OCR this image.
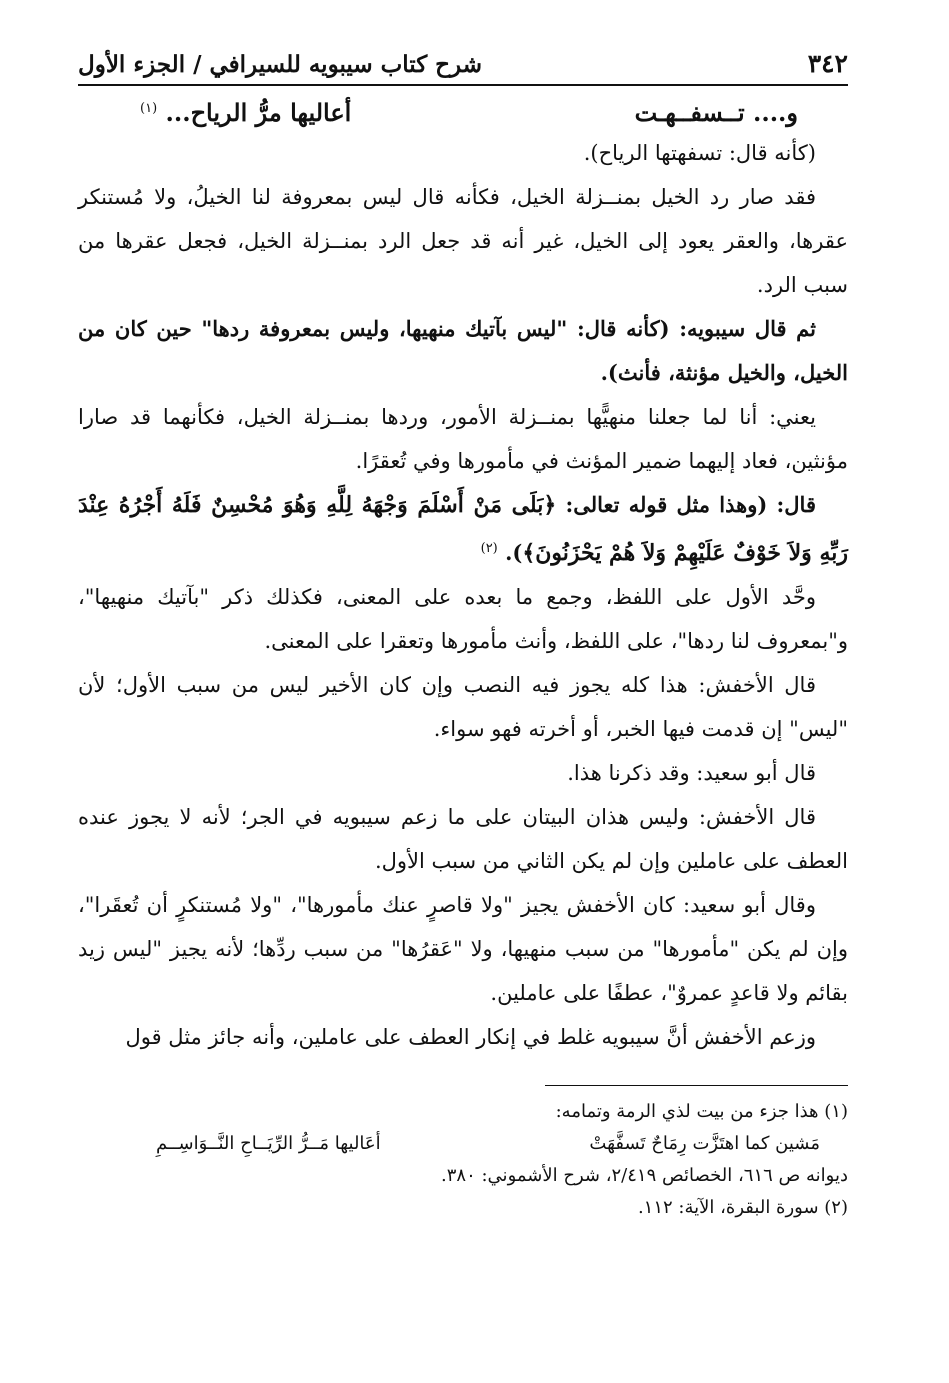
٣٤٢
شرح كتاب سيبويه للسيرافي / الجزء الأول
و.... تــسفــهـت
أعاليها مرُّ الرياح... $^{(١)}$

(كأنه قال: تسفهتها الرياح).

فقد صار رد الخيل بمنــزلة الخيل، فكأنه قال ليس بمعروفة لنا الخيلُ، ولا مُستنكر عقرها، والعقر يعود إلى الخيل، غير أنه قد جعل الرد بمنــزلة الخيل، فجعل عقرها من سبب الرد.

ثم قال سيبويه: (كأنه قال: "ليس بآتيك منهيها، وليس بمعروفة ردها" حين كان من الخيل، والخيل مؤنثة، فأنث).

يعني: أنا لما جعلنا منهيًّها بمنــزلة الأمور، وردها بمنــزلة الخيل، فكأنهما قد صارا مؤنثين، فعاد إليهما ضمير المؤنث في مأمورها وفي تُعقرًا.

قال: (وهذا مثل قوله تعالى: ﴿بَلَى مَنْ أَسْلَمَ وَجْهَهُ لِلَّهِ وَهُوَ مُحْسِنٌ فَلَهُ أَجْرُهُ عِنْدَ رَبِّهِ وَلاَ خَوْفٌ عَلَيْهِمْ وَلاَ هُمْ يَحْزَنُونَ﴾). $^{(٢)}$

وحَّد الأول على اللفظ، وجمع ما بعده على المعنى، فكذلك ذكر "بآتيك منهيها"، و"بمعروف لنا ردها"، على اللفظ، وأنث مأمورها وتعقرا على المعنى.

قال الأخفش: هذا كله يجوز فيه النصب وإن كان الأخير ليس من سبب الأول؛ لأن "ليس" إن قدمت فيها الخبر، أو أخرته فهو سواء.

قال أبو سعيد: وقد ذكرنا هذا.

قال الأخفش: وليس هذان البيتان على ما زعم سيبويه في الجر؛ لأنه لا يجوز عنده العطف على عاملين وإن لم يكن الثاني من سبب الأول.

وقال أبو سعيد: كان الأخفش يجيز "ولا قاصرٍ عنك مأمورها"، "ولا مُستنكرٍ أن تُعقَرا"، وإن لم يكن "مأمورها" من سبب منهيها، ولا "عَقرُها" من سبب ردِّها؛ لأنه يجيز "ليس زيد بقائم ولا قاعدٍ عمروٌ"، عطفًا على عاملين.

وزعم الأخفش أنَّ سيبويه غلط في إنكار العطف على عاملين، وأنه جائز مثل قول

(١) هذا جزء من بيت لذي الرمة وتمامه:

مَشين كما اهتَزَّت رِمَاحٌ تَسفَّهَتْ
أعَاليها مَــرُّ الرِّيَــاحِ النَّــوَاسِــمِ

ديوانه ص ٦١٦، الخصائص ٢/٤١٩، شرح الأشموني: ٣٨٠.

(٢) سورة البقرة، الآية: ١١٢.
